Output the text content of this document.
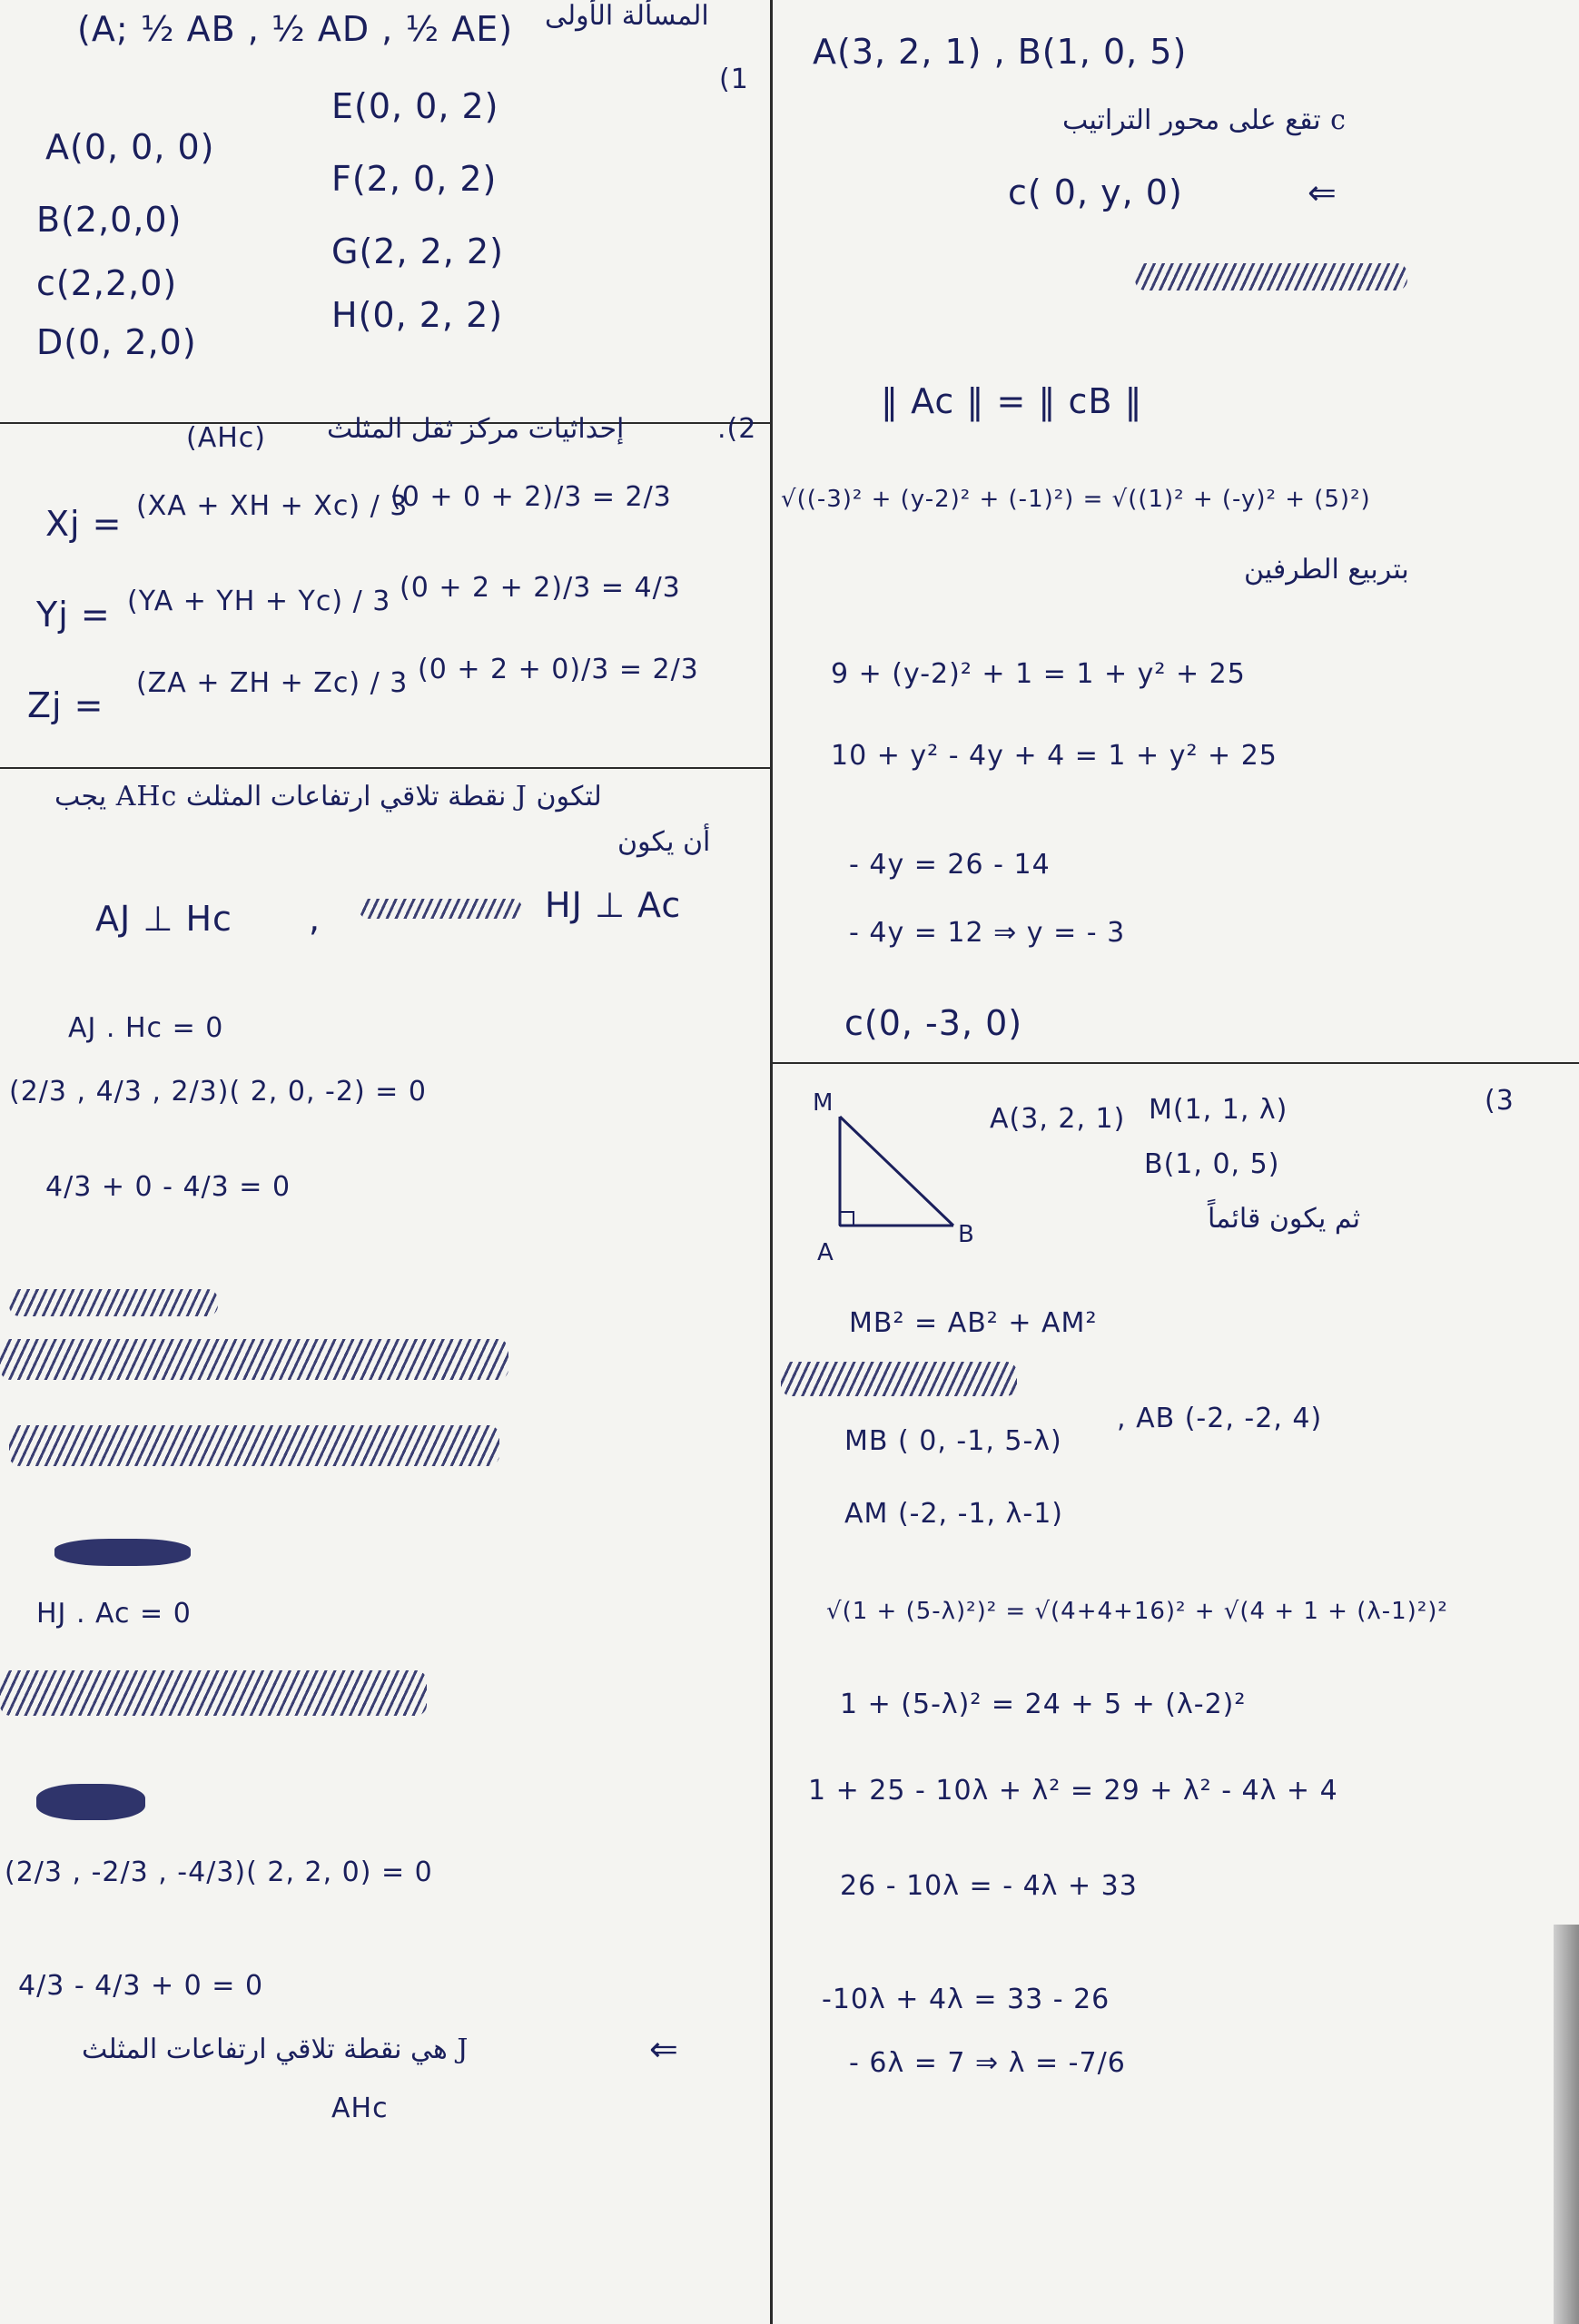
(A; ½ AB , ½ AD , ½ AE) المسألة الأولى
(1
A(0, 0, 0)
B(2,0,0)
c(2,2,0)
D(0, 2,0)
E(0, 0, 2)
F(2, 0, 2)
G(2, 2, 2)
H(0, 2, 2)
.(2
إحداثيات مركز ثقل المثلث
(AHc)
Xj = (XA + XH + Xc) / 3
(0 + 0 + 2)/3 = 2/3
Yj = (YA + YH + Yc) / 3 (0 + 2 + 2)/3 = 4/3
Zj =
(ZA + ZH + Zc) / 3 (0 + 2 + 0)/3 = 2/3
لتكون J نقطة تلاقي ارتفاعات المثلث AHc يجب
أن يكون
AJ ⊥ Hc ,	HJ ⊥ Ac
AJ . Hc = 0
(2/3 , 4/3 , 2/3)( 2, 0, -2) = 0
4/3 + 0 - 4/3 = 0
HJ . Ac = 0
(2/3 , -2/3 , -4/3)( 2, 2, 0) = 0
4/3 - 4/3 + 0 = 0
J هي نقطة تلاقي ارتفاعات المثلث	⇐
AHc
A(3, 2, 1) , B(1, 0, 5)
c تقع على محور التراتيب
c( 0, y, 0)	⇐
‖ Ac ‖ = ‖ cB ‖
√((-3)² + (y-2)² + (-1)²) = √((1)² + (-y)² + (5)²)
بتربيع الطرفين
9 + (y-2)² + 1 = 1 + y² + 25
10 + y² - 4y + 4 = 1 + y² + 25
- 4y = 26 - 14
- 4y = 12 ⇒ y = - 3
c(0, -3, 0)
(3
M
A
B
A(3, 2, 1) M(1, 1, λ)
B(1, 0, 5)
ثم يكون قائماً
MB² = AB² + AM²
MB ( 0, -1, 5-λ)
, AB (-2, -2, 4)
AM (-2, -1, λ-1)
√(1 + (5-λ)²)² = √(4+4+16)² + √(4 + 1 + (λ-1)²)²
1 + (5-λ)² = 24 + 5 + (λ-2)²
1 + 25 - 10λ + λ² = 29 + λ² - 4λ + 4
26 - 10λ = - 4λ + 33
-10λ + 4λ = 33 - 26
- 6λ = 7 ⇒ λ = -7/6
